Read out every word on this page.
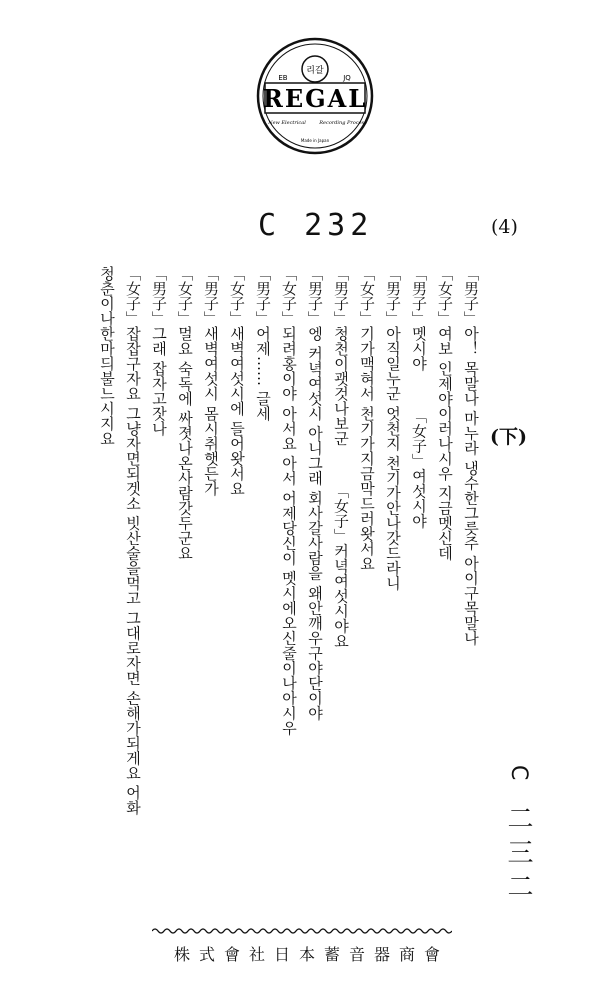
리갈
EB	JQ
REGAL
New Electrical	Recording Process
Made in Japan
C 232	(4)
(下)
「男子」아！ 목말나 마누라 냉수한그릇주 아이구목말나
「女子」여보 인제야이러나시우 지금멧신데
「男子」멧시야「女子」여섯시야
「男子」아직일누군 엇천지 천기가안나갓드라니
「女子」기가맥혀서 천기가지금막드러왓서요
「男子」청천이괫것나보군「女子」커녁여섯시야요
「男子」엥 커녁여섯시 아니그래 회사갈사람을 왜안깨우구야단이야
「女子」되려홍이야 아서요 아서 어제당신이 멧시에오신줄이나아시우
「男子」어제…… 글세
「女子」새벽여섯시에 들어왓서요
「男子」새벽여섯시 몸시취햇든가
「女子」멀요 숙독에 싸졋나온사람갓두군요
「男子」그래 잡자고잣나
「女子」잡잡구자요 그냥자면되겟소 빗산술을먹고 그대로자면 손해가되게요 어화
청춘이나한마듸불느시지요
C 二三二
株式會社日本蓄音器商會
